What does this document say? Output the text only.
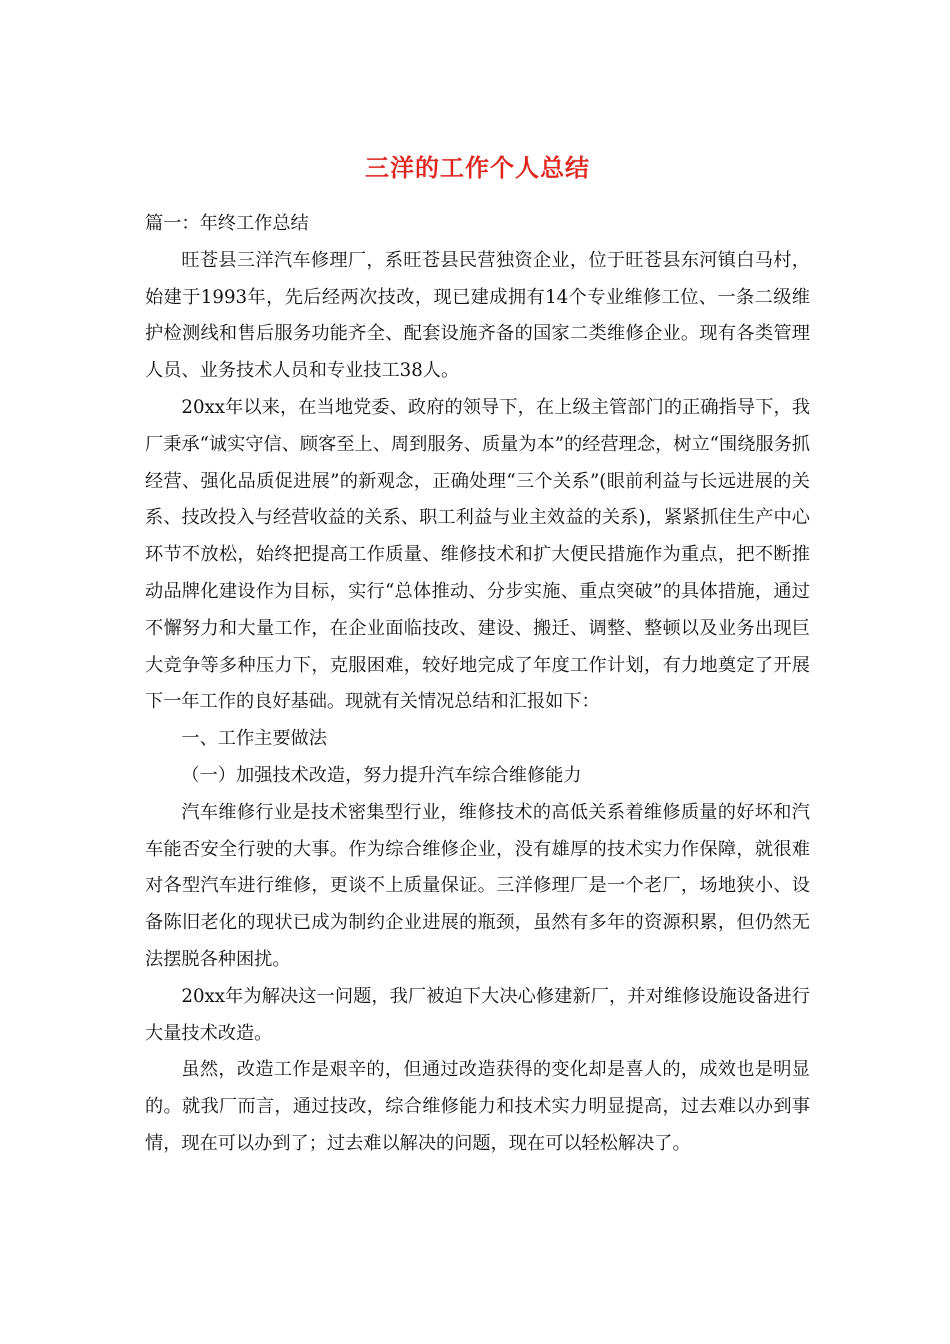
三洋的工作个人总结

篇一：年终工作总结

旺苍县三洋汽车修理厂，系旺苍县民营独资企业，位于旺苍县东河镇白马村，始建于1993年，先后经两次技改，现已建成拥有14个专业维修工位、一条二级维护检测线和售后服务功能齐全、配套设施齐备的国家二类维修企业。现有各类管理人员、业务技术人员和专业技工38人。

20xx年以来，在当地党委、政府的领导下，在上级主管部门的正确指导下，我厂秉承“诚实守信、顾客至上、周到服务、质量为本”的经营理念，树立“围绕服务抓经营、强化品质促进展”的新观念，正确处理“三个关系”(眼前利益与长远进展的关系、技改投入与经营收益的关系、职工利益与业主效益的关系)，紧紧抓住生产中心环节不放松，始终把提高工作质量、维修技术和扩大便民措施作为重点，把不断推动品牌化建设作为目标，实行“总体推动、分步实施、重点突破”的具体措施，通过不懈努力和大量工作，在企业面临技改、建设、搬迁、调整、整顿以及业务出现巨大竞争等多种压力下，克服困难，较好地完成了年度工作计划，有力地奠定了开展下一年工作的良好基础。现就有关情况总结和汇报如下：

一、工作主要做法

（一）加强技术改造，努力提升汽车综合维修能力

汽车维修行业是技术密集型行业，维修技术的高低关系着维修质量的好坏和汽车能否安全行驶的大事。作为综合维修企业，没有雄厚的技术实力作保障，就很难对各型汽车进行维修，更谈不上质量保证。三洋修理厂是一个老厂，场地狭小、设备陈旧老化的现状已成为制约企业进展的瓶颈，虽然有多年的资源积累，但仍然无法摆脱各种困扰。

20xx年为解决这一问题，我厂被迫下大决心修建新厂，并对维修设施设备进行大量技术改造。

虽然，改造工作是艰辛的，但通过改造获得的变化却是喜人的，成效也是明显的。就我厂而言，通过技改，综合维修能力和技术实力明显提高，过去难以办到事情，现在可以办到了；过去难以解决的问题，现在可以轻松解决了。
